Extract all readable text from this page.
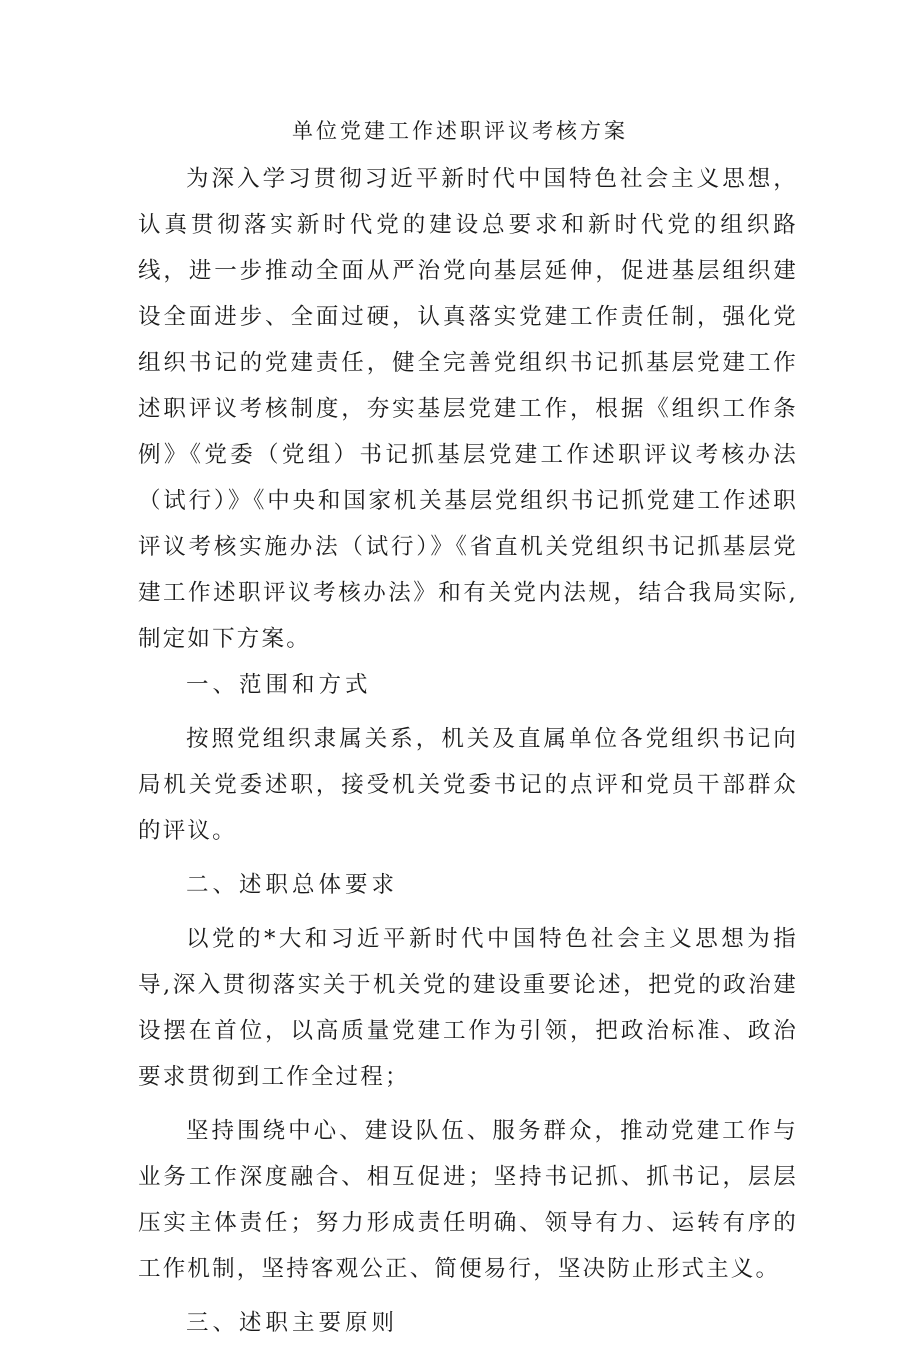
单位党建工作述职评议考核方案

为深入学习贯彻习近平新时代中国特色社会主义思想，认真贯彻落实新时代党的建设总要求和新时代党的组织路线，进一步推动全面从严治党向基层延伸，促进基层组织建设全面进步、全面过硬，认真落实党建工作责任制，强化党组织书记的党建责任，健全完善党组织书记抓基层党建工作述职评议考核制度，夯实基层党建工作，根据《组织工作条例》《党委（党组）书记抓基层党建工作述职评议考核办法（试行）》《中央和国家机关基层党组织书记抓党建工作述职评议考核实施办法（试行）》《省直机关党组织书记抓基层党建工作述职评议考核办法》和有关党内法规，结合我局实际,制定如下方案。

一、范围和方式

按照党组织隶属关系，机关及直属单位各党组织书记向局机关党委述职，接受机关党委书记的点评和党员干部群众的评议。

二、述职总体要求

以党的*大和习近平新时代中国特色社会主义思想为指导,深入贯彻落实关于机关党的建设重要论述，把党的政治建设摆在首位，以高质量党建工作为引领，把政治标准、政治要求贯彻到工作全过程；

坚持围绕中心、建设队伍、服务群众，推动党建工作与业务工作深度融合、相互促进；坚持书记抓、抓书记，层层压实主体责任；努力形成责任明确、领导有力、运转有序的工作机制，坚持客观公正、简便易行，坚决防止形式主义。

三、述职主要原则
